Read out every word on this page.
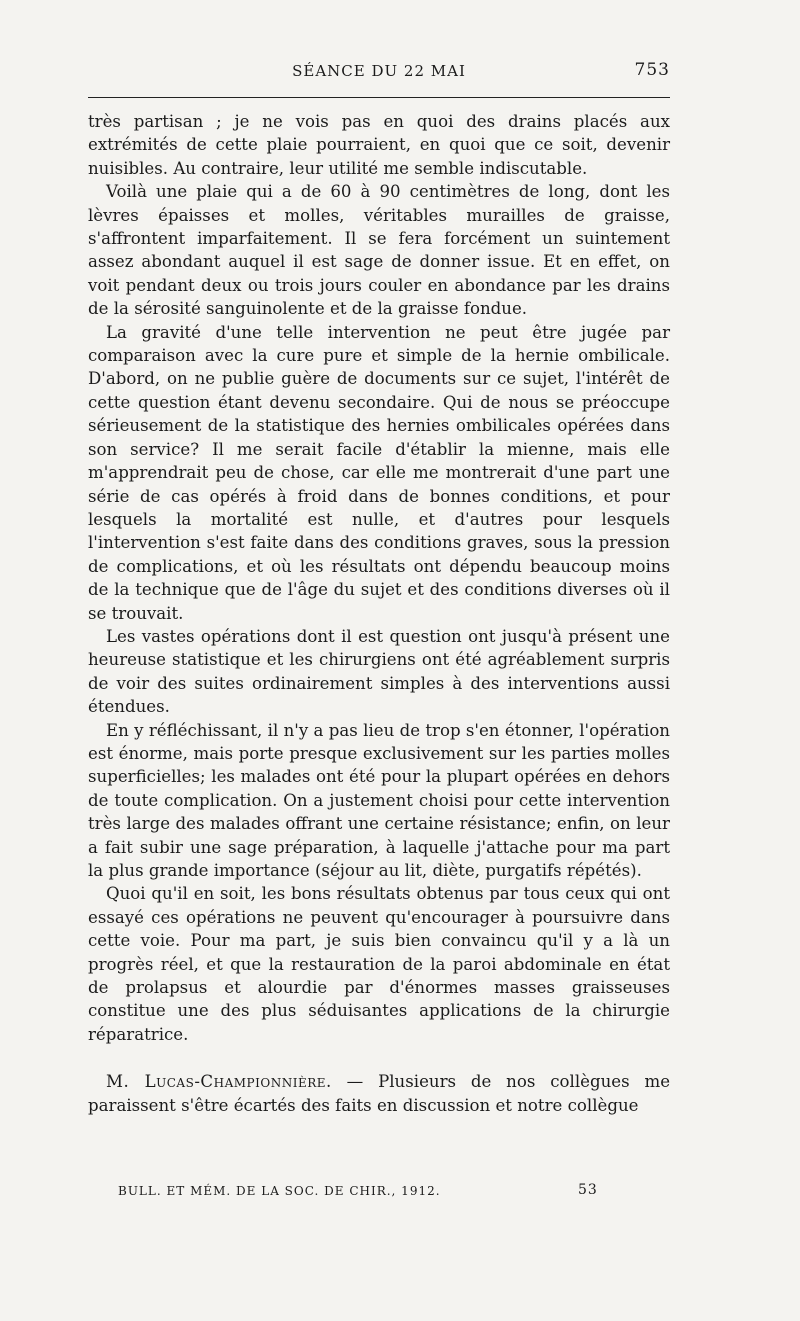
SÉANCE DU 22 MAI	753

très partisan ; je ne vois pas en quoi des drains placés aux extrémités de cette plaie pourraient, en quoi que ce soit, devenir nuisibles. Au contraire, leur utilité me semble indiscutable.

Voilà une plaie qui a de 60 à 90 centimètres de long, dont les lèvres épaisses et molles, véritables murailles de graisse, s'affrontent imparfaitement. Il se fera forcément un suintement assez abondant auquel il est sage de donner issue. Et en effet, on voit pendant deux ou trois jours couler en abondance par les drains de la sérosité sanguinolente et de la graisse fondue.

La gravité d'une telle intervention ne peut être jugée par comparaison avec la cure pure et simple de la hernie ombilicale. D'abord, on ne publie guère de documents sur ce sujet, l'intérêt de cette question étant devenu secondaire. Qui de nous se préoccupe sérieusement de la statistique des hernies ombilicales opérées dans son service? Il me serait facile d'établir la mienne, mais elle m'apprendrait peu de chose, car elle me montrerait d'une part une série de cas opérés à froid dans de bonnes conditions, et pour lesquels la mortalité est nulle, et d'autres pour lesquels l'intervention s'est faite dans des conditions graves, sous la pression de complications, et où les résultats ont dépendu beaucoup moins de la technique que de l'âge du sujet et des conditions diverses où il se trouvait.

Les vastes opérations dont il est question ont jusqu'à présent une heureuse statistique et les chirurgiens ont été agréablement surpris de voir des suites ordinairement simples à des interventions aussi étendues.

En y réfléchissant, il n'y a pas lieu de trop s'en étonner, l'opération est énorme, mais porte presque exclusivement sur les parties molles superficielles; les malades ont été pour la plupart opérées en dehors de toute complication. On a justement choisi pour cette intervention très large des malades offrant une certaine résistance; enfin, on leur a fait subir une sage préparation, à laquelle j'attache pour ma part la plus grande importance (séjour au lit, diète, purgatifs répétés).

Quoi qu'il en soit, les bons résultats obtenus par tous ceux qui ont essayé ces opérations ne peuvent qu'encourager à poursuivre dans cette voie. Pour ma part, je suis bien convaincu qu'il y a là un progrès réel, et que la restauration de la paroi abdominale en état de prolapsus et alourdie par d'énormes masses graisseuses constitue une des plus séduisantes applications de la chirurgie réparatrice.

M. Lucas-Championnière. — Plusieurs de nos collègues me paraissent s'être écartés des faits en discussion et notre collègue

BULL. ET MÉM. DE LA SOC. DE CHIR., 1912.	53
